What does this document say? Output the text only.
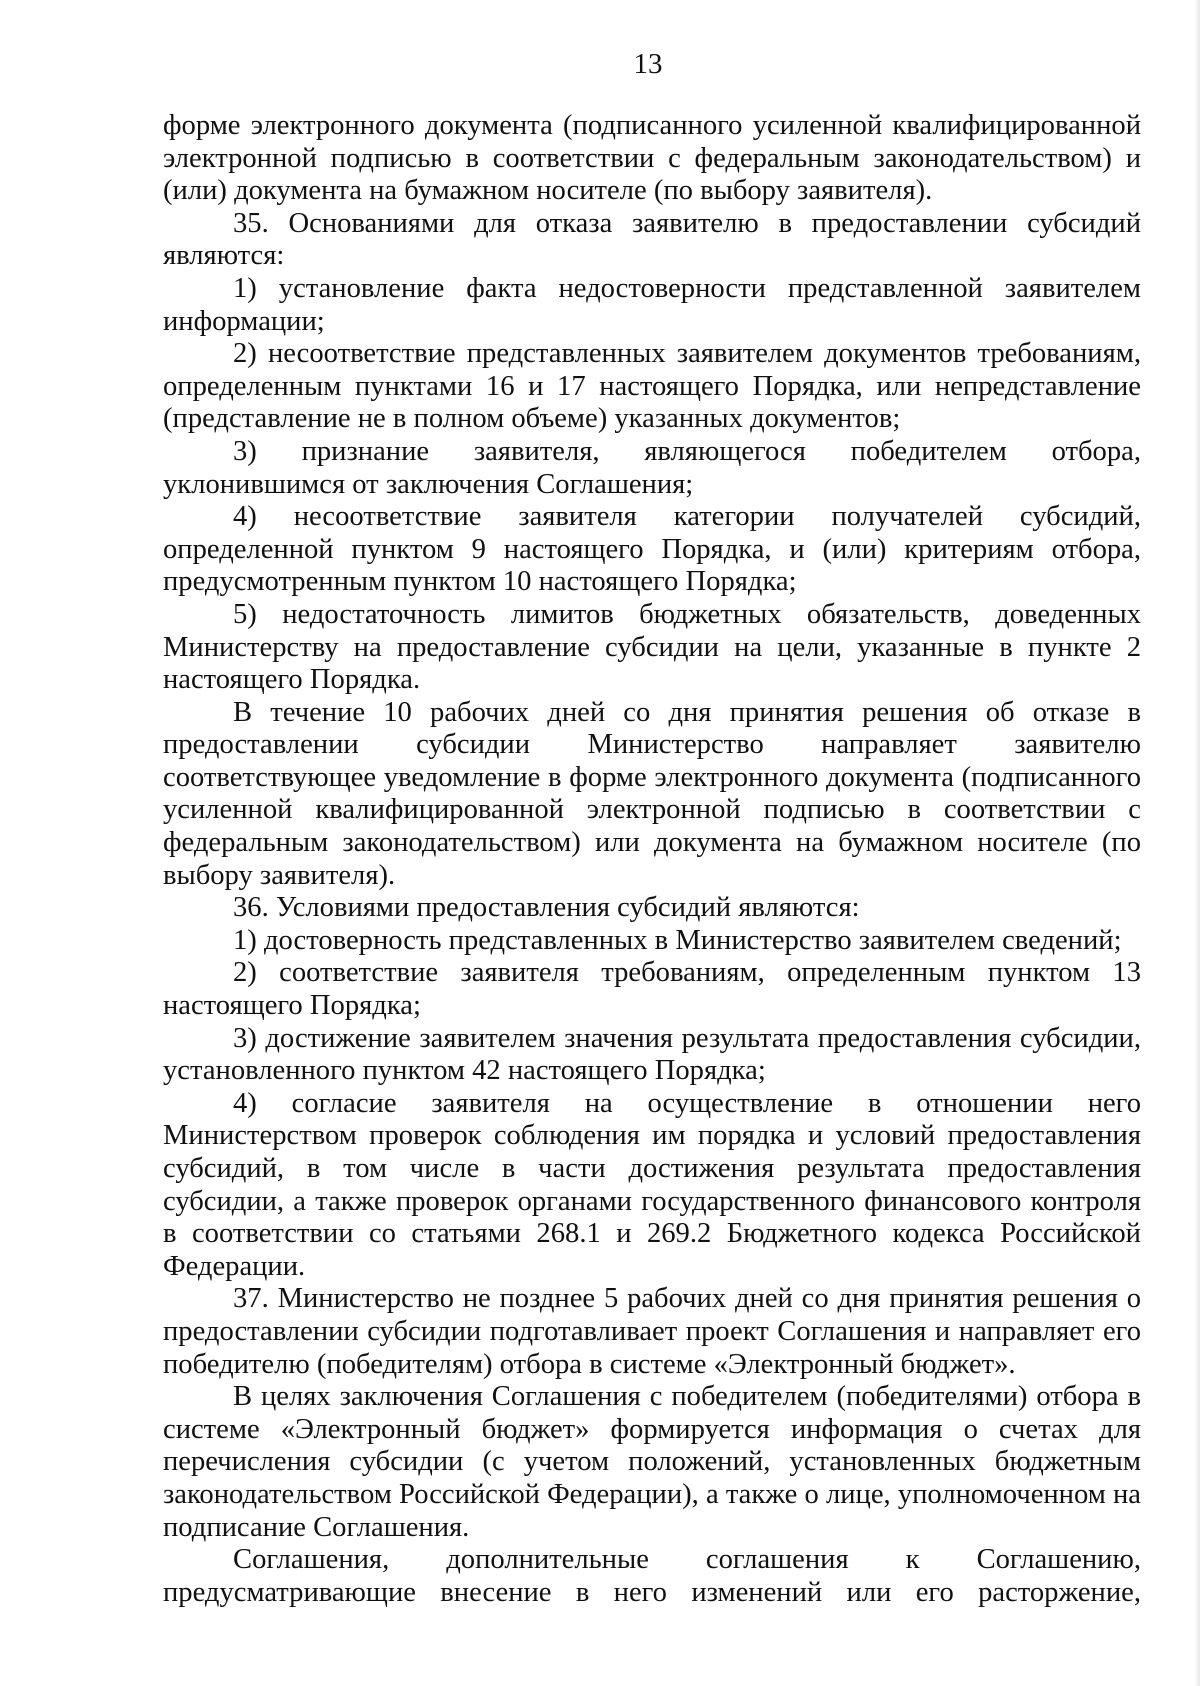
13

форме электронного документа (подписанного усиленной квалифицированной электронной подписью в соответствии с федеральным законодательством) и (или) документа на бумажном носителе (по выбору заявителя).

35. Основаниями для отказа заявителю в предоставлении субсидий являются:

1) установление факта недостоверности представленной заявителем информации;

2) несоответствие представленных заявителем документов требованиям, определенным пунктами 16 и 17 настоящего Порядка, или непредставление (представление не в полном объеме) указанных документов;

3) признание заявителя, являющегося победителем отбора, уклонившимся от заключения Соглашения;

4) несоответствие заявителя категории получателей субсидий, определенной пунктом 9 настоящего Порядка, и (или) критериям отбора, предусмотренным пунктом 10 настоящего Порядка;

5) недостаточность лимитов бюджетных обязательств, доведенных Министерству на предоставление субсидии на цели, указанные в пункте 2 настоящего Порядка.

В течение 10 рабочих дней со дня принятия решения об отказе в предоставлении субсидии Министерство направляет заявителю соответствующее уведомление в форме электронного документа (подписанного усиленной квалифицированной электронной подписью в соответствии с федеральным законодательством) или документа на бумажном носителе (по выбору заявителя).

36. Условиями предоставления субсидий являются:

1) достоверность представленных в Министерство заявителем сведений;

2) соответствие заявителя требованиям, определенным пунктом 13 настоящего Порядка;

3) достижение заявителем значения результата предоставления субсидии, установленного пунктом 42 настоящего Порядка;

4) согласие заявителя на осуществление в отношении него Министерством проверок соблюдения им порядка и условий предоставления субсидий, в том числе в части достижения результата предоставления субсидии, а также проверок органами государственного финансового контроля в соответствии со статьями 268.1 и 269.2 Бюджетного кодекса Российской Федерации.

37. Министерство не позднее 5 рабочих дней со дня принятия решения о предоставлении субсидии подготавливает проект Соглашения и направляет его победителю (победителям) отбора в системе «Электронный бюджет».

В целях заключения Соглашения с победителем (победителями) отбора в системе «Электронный бюджет» формируется информация о счетах для перечисления субсидии (с учетом положений, установленных бюджетным законодательством Российской Федерации), а также о лице, уполномоченном на подписание Соглашения.

Соглашения, дополнительные соглашения к Соглашению, предусматривающие внесение в него изменений или его расторжение,
